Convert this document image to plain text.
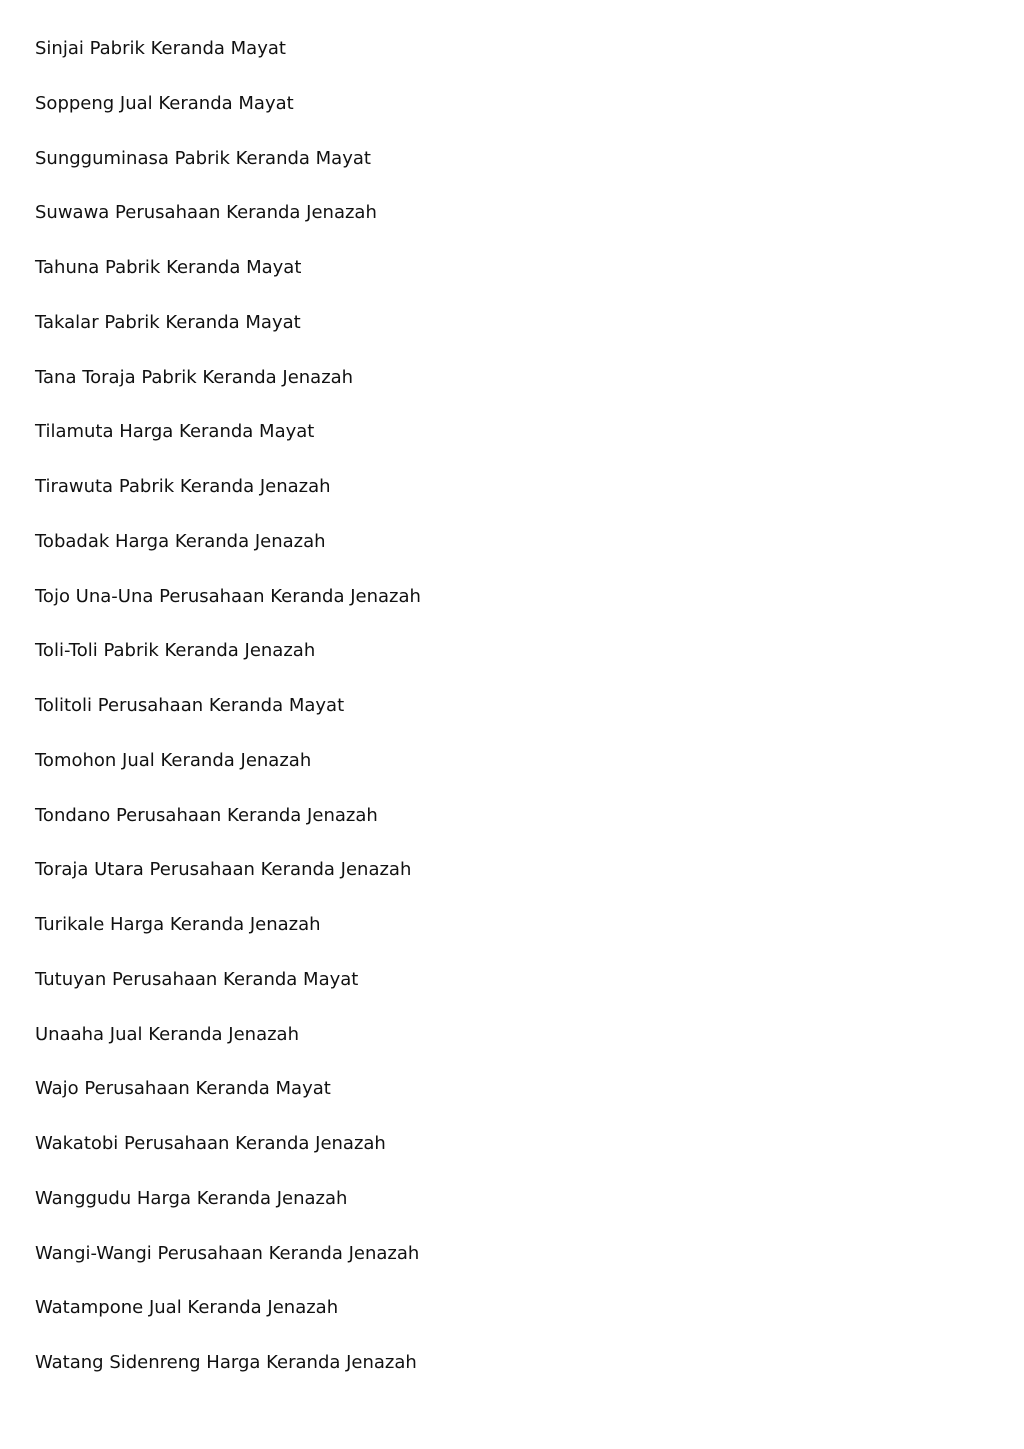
Sinjai Pabrik Keranda Mayat
Soppeng Jual Keranda Mayat
Sungguminasa Pabrik Keranda Mayat
Suwawa Perusahaan Keranda Jenazah
Tahuna Pabrik Keranda Mayat
Takalar Pabrik Keranda Mayat
Tana Toraja Pabrik Keranda Jenazah
Tilamuta Harga Keranda Mayat
Tirawuta Pabrik Keranda Jenazah
Tobadak Harga Keranda Jenazah
Tojo Una-Una Perusahaan Keranda Jenazah
Toli-Toli Pabrik Keranda Jenazah
Tolitoli Perusahaan Keranda Mayat
Tomohon Jual Keranda Jenazah
Tondano Perusahaan Keranda Jenazah
Toraja Utara Perusahaan Keranda Jenazah
Turikale Harga Keranda Jenazah
Tutuyan Perusahaan Keranda Mayat
Unaaha Jual Keranda Jenazah
Wajo Perusahaan Keranda Mayat
Wakatobi Perusahaan Keranda Jenazah
Wanggudu Harga Keranda Jenazah
Wangi-Wangi Perusahaan Keranda Jenazah
Watampone Jual Keranda Jenazah
Watang Sidenreng Harga Keranda Jenazah
